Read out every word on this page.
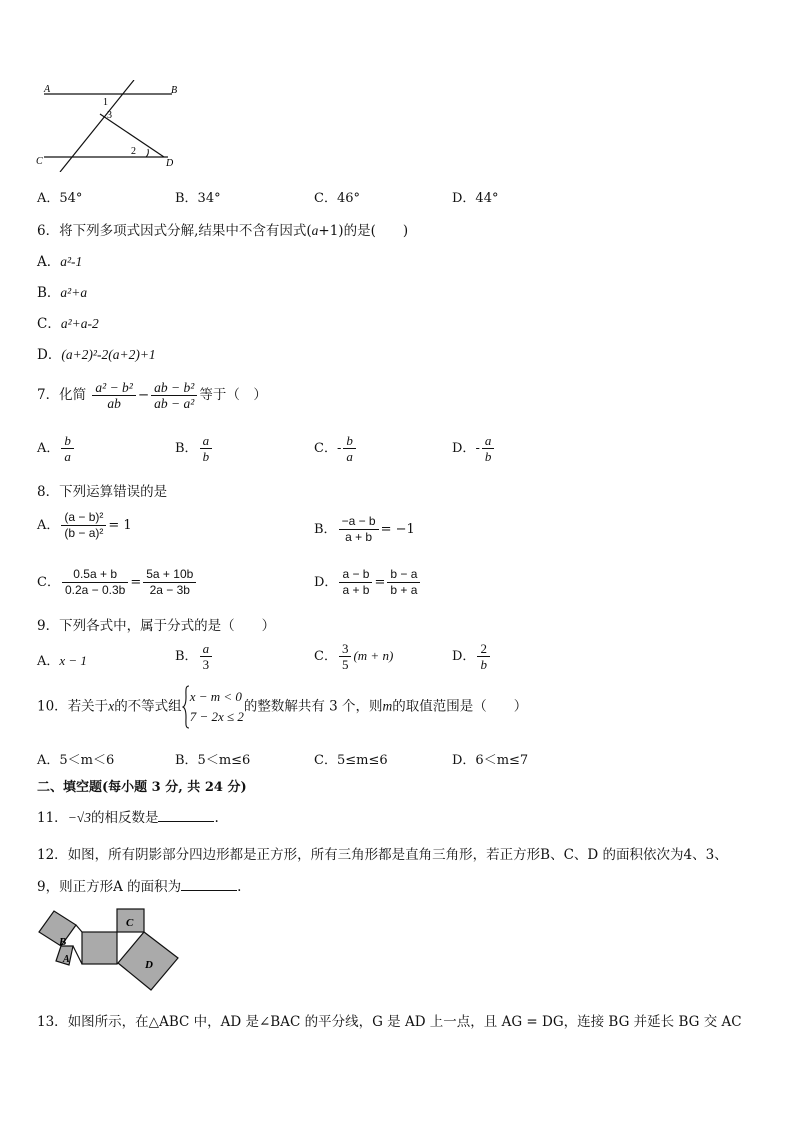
A	B
C	D
1
3
2
A．54°	B．34°	C．46°	D．44°
6．将下列多项式因式分解,结果中不含有因式(a+1)的是(　　)
A．a²-1
B．a²+a
C．a²+a-2
D．(a+2)²-2(a+2)+1
7．化简 $\frac{\text{a² − b²}}{ab} - \frac{\text{ab − b²}}{\text{ab − a²}}$ 等于（　）
A． $\frac{b}{a}$	B． $\frac{a}{b}$	C．- $\frac{b}{a}$	D．- $\frac{a}{b}$
8．下列运算错误的是
A． $\frac{\text{(a − b)²}}{\text{(b − a)²}} = 1$	B． $\frac{-a - b}{a + b} = -1$
C． $\frac{0.5a + b}{0.2a - 0.3b} = \frac{5a + 10b}{2a - 3b}$	D． $\frac{a - b}{a + b} = \frac{b - a}{b + a}$
9．下列各式中，属于分式的是（　　）
A．x − 1	B． $\frac{a}{3}$	C． $\frac{3}{5} (m + n)$	D． $\frac{2}{b}$
10．若关于x的不等式组
x − m < 0
7 − 2x ≤ 2
的整数解共有 3 个，则m的取值范围是（　　）
A．5＜m＜6	B．5＜m≤6	C．5≤m≤6	D．6＜m≤7
二、填空题(每小题 3 分, 共 24 分)
11．−√3的相反数是	.
12．如图，所有阴影部分四边形都是正方形，所有三角形都是直角三角形，若正方形B、C、D 的面积依次为4、3、
9，则正方形A 的面积为	.
B
A
C
D
13．如图所示，在△ABC 中，AD 是∠BAC 的平分线，G 是 AD 上一点，且 AG = DG，连接 BG 并延长 BG 交 AC
